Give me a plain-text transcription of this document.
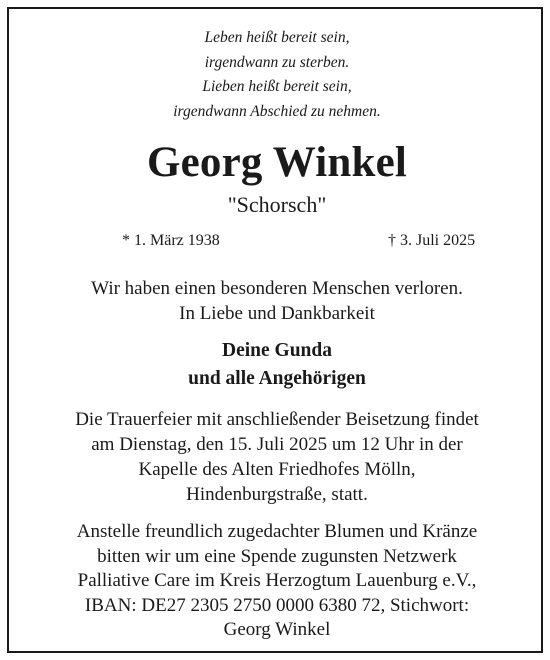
Leben heißt bereit sein,
irgendwann zu sterben.
Lieben heißt bereit sein,
irgendwann Abschied zu nehmen.
Georg Winkel
"Schorsch"
* 1. März 1938	† 3. Juli 2025
Wir haben einen besonderen Menschen verloren.
In Liebe und Dankbarkeit
Deine Gunda
und alle Angehörigen
Die Trauerfeier mit anschließender Beisetzung findet
am Dienstag, den 15. Juli 2025 um 12 Uhr in der
Kapelle des Alten Friedhofes Mölln,
Hindenburgstraße, statt.
Anstelle freundlich zugedachter Blumen und Kränze
bitten wir um eine Spende zugunsten Netzwerk
Palliative Care im Kreis Herzogtum Lauenburg e.V.,
IBAN: DE27 2305 2750 0000 6380 72, Stichwort:
Georg Winkel
